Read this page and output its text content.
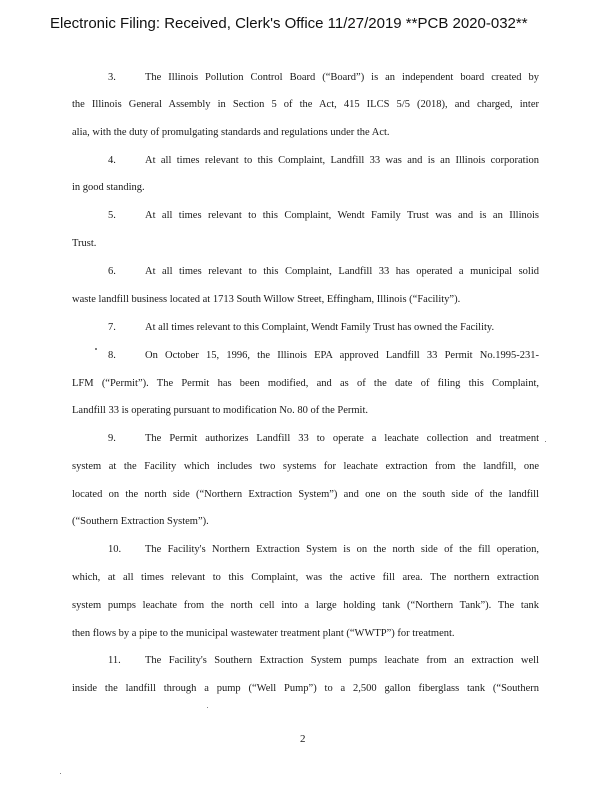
Electronic Filing: Received, Clerk's Office 11/27/2019 **PCB 2020-032**
3.	The Illinois Pollution Control Board (“Board”) is an independent board created by
the Illinois General Assembly in Section 5 of the Act, 415 ILCS 5/5 (2018), and charged, inter
alia, with the duty of promulgating standards and regulations under the Act.
4.	At all times relevant to this Complaint, Landfill 33 was and is an Illinois corporation
in good standing.
5.	At all times relevant to this Complaint, Wendt Family Trust was and is an Illinois
Trust.
6.	At all times relevant to this Complaint, Landfill 33 has operated a municipal solid
waste landfill business located at 1713 South Willow Street, Effingham, Illinois (“Facility”).
7.	At all times relevant to this Complaint, Wendt Family Trust has owned the Facility.
8.	On October 15, 1996, the Illinois EPA approved Landfill 33 Permit No.1995-231-
LFM (“Permit”). The Permit has been modified, and as of the date of filing this Complaint,
Landfill 33 is operating pursuant to modification No. 80 of the Permit.
9.	The Permit authorizes Landfill 33 to operate a leachate collection and treatment
system at the Facility which includes two systems for leachate extraction from the landfill, one
located on the north side (“Northern Extraction System”) and one on the south side of the landfill
(“Southern Extraction System”).
10. The Facility's Northern Extraction System is on the north side of the fill operation,
which, at all times relevant to this Complaint, was the active fill area. The northern extraction
system pumps leachate from the north cell into a large holding tank (“Northern Tank”). The tank
then flows by a pipe to the municipal wastewater treatment plant (“WWTP”) for treatment.
11. The Facility's Southern Extraction System pumps leachate from an extraction well
inside the landfill through a pump (“Well Pump”) to a 2,500 gallon fiberglass tank (“Southern
2
